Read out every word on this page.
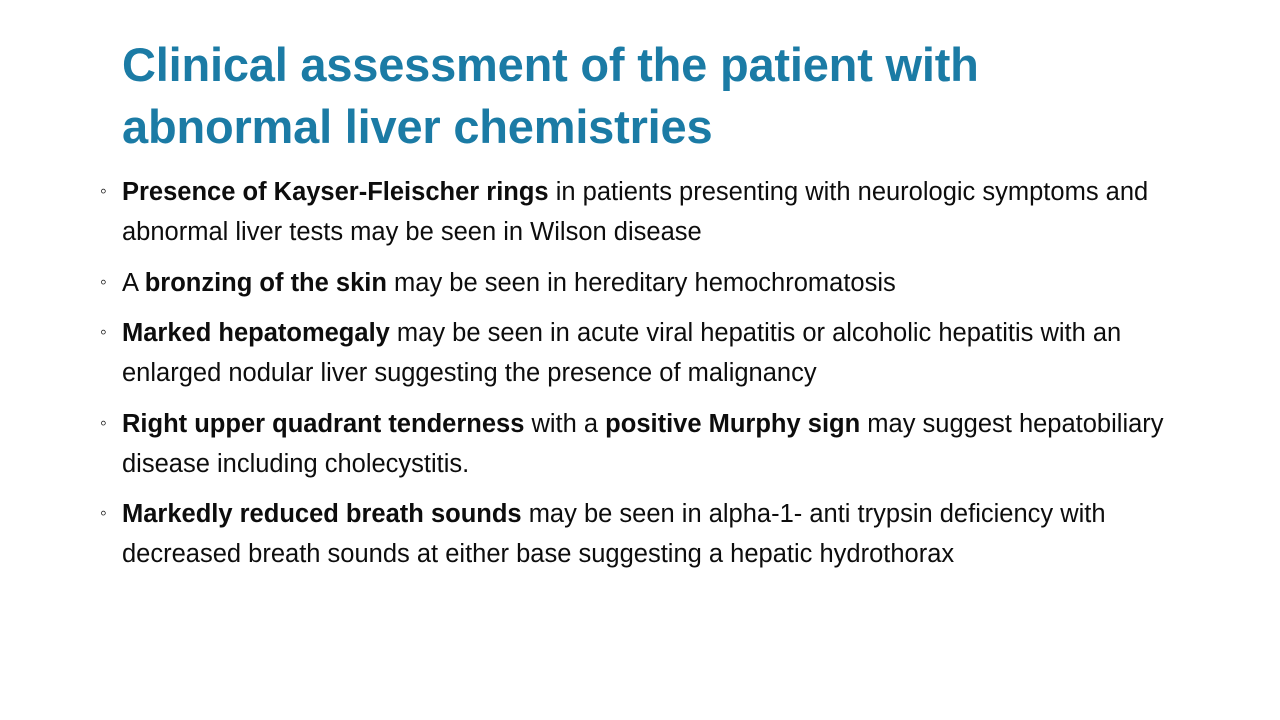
Clinical assessment of the patient with abnormal liver chemistries
◦ Presence of Kayser-Fleischer rings in patients presenting with neurologic symptoms and abnormal liver tests may be seen in Wilson disease
◦ A bronzing of the skin may be seen in hereditary hemochromatosis
◦ Marked hepatomegaly may be seen in acute viral hepatitis or alcoholic hepatitis with an enlarged nodular liver suggesting the presence of malignancy
◦ Right upper quadrant tenderness with a positive Murphy sign may suggest hepatobiliary disease including cholecystitis.
◦ Markedly reduced breath sounds may be seen in alpha-1- anti trypsin deficiency with decreased breath sounds at either base suggesting a hepatic hydrothorax
